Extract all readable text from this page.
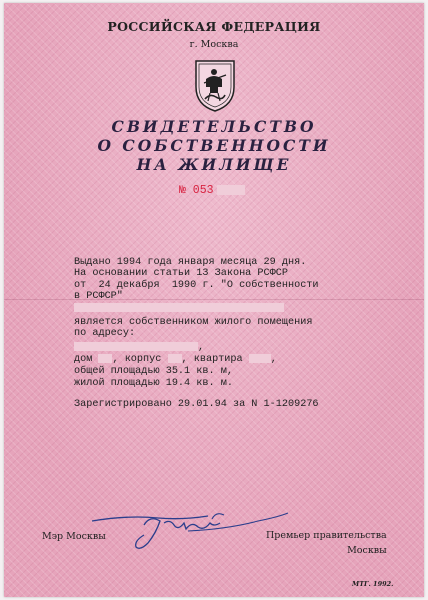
РОССИЙСКАЯ ФЕДЕРАЦИЯ
г. Москва
СВИДЕТЕЛЬСТВО
О СОБСТВЕННОСТИ
НА ЖИЛИЩЕ
№ 053
Выдано 1994 года января месяца 29 дня.
На основании статьи 13 Закона РСФСР
от  24 декабря  1990 г. "О собственности
в РСФСР"
является собственником жилого помещения
по адресу:
,
дом , корпус , квартира	,
общей площадью 35.1 кв. м,
жилой площадью 19.4 кв. м.
Зарегистрировано 29.01.94 за N 1-1209276
Мэр Москвы	Премьер правительства
Москвы
МТГ. 1992.
